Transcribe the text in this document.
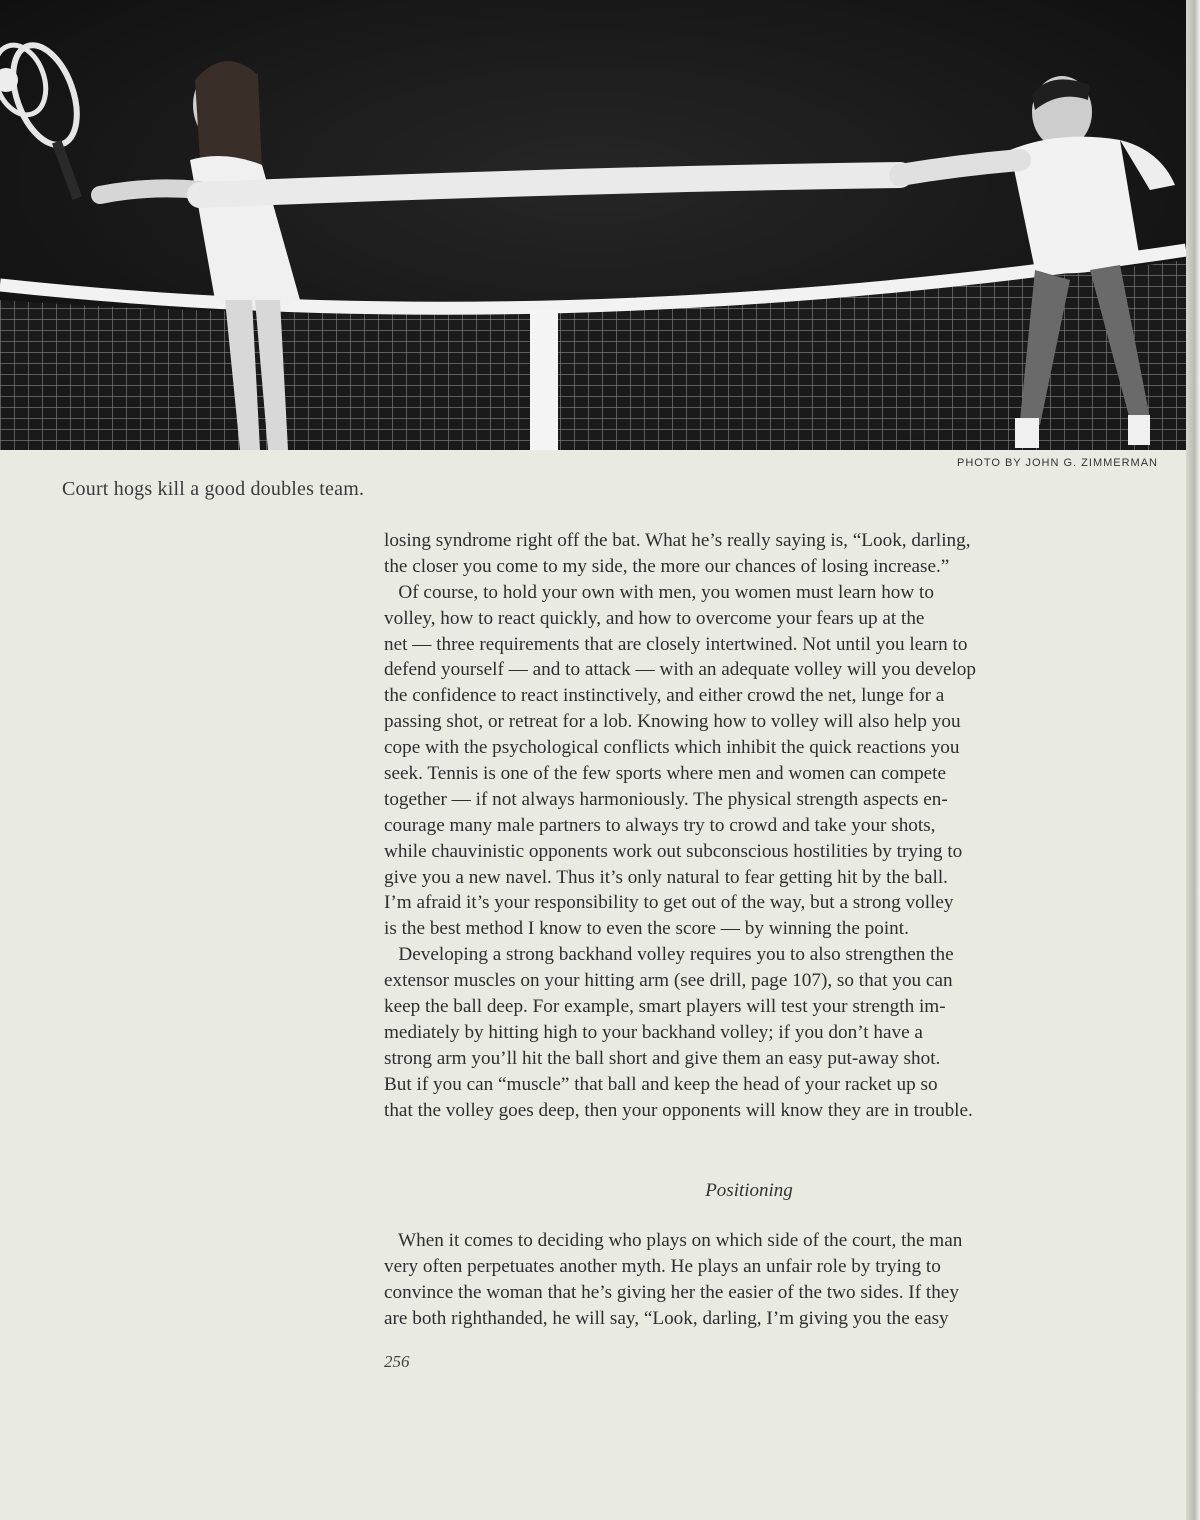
PHOTO BY JOHN G. ZIMMERMAN
Court hogs kill a good doubles team.
losing syndrome right off the bat. What he’s really saying is, “Look, darling,
the closer you come to my side, the more our chances of losing increase.”
Of course, to hold your own with men, you women must learn how to
volley, how to react quickly, and how to overcome your fears up at the
net — three requirements that are closely intertwined. Not until you learn to
defend yourself — and to attack — with an adequate volley will you develop
the confidence to react instinctively, and either crowd the net, lunge for a
passing shot, or retreat for a lob. Knowing how to volley will also help you
cope with the psychological conflicts which inhibit the quick reactions you
seek. Tennis is one of the few sports where men and women can compete
together — if not always harmoniously. The physical strength aspects en-
courage many male partners to always try to crowd and take your shots,
while chauvinistic opponents work out subconscious hostilities by trying to
give you a new navel. Thus it’s only natural to fear getting hit by the ball.
I’m afraid it’s your responsibility to get out of the way, but a strong volley
is the best method I know to even the score — by winning the point.
Developing a strong backhand volley requires you to also strengthen the
extensor muscles on your hitting arm (see drill, page 107), so that you can
keep the ball deep. For example, smart players will test your strength im-
mediately by hitting high to your backhand volley; if you don’t have a
strong arm you’ll hit the ball short and give them an easy put-away shot.
But if you can “muscle” that ball and keep the head of your racket up so
that the volley goes deep, then your opponents will know they are in trouble.
Positioning
When it comes to deciding who plays on which side of the court, the man
very often perpetuates another myth. He plays an unfair role by trying to
convince the woman that he’s giving her the easier of the two sides. If they
are both righthanded, he will say, “Look, darling, I’m giving you the easy
256
